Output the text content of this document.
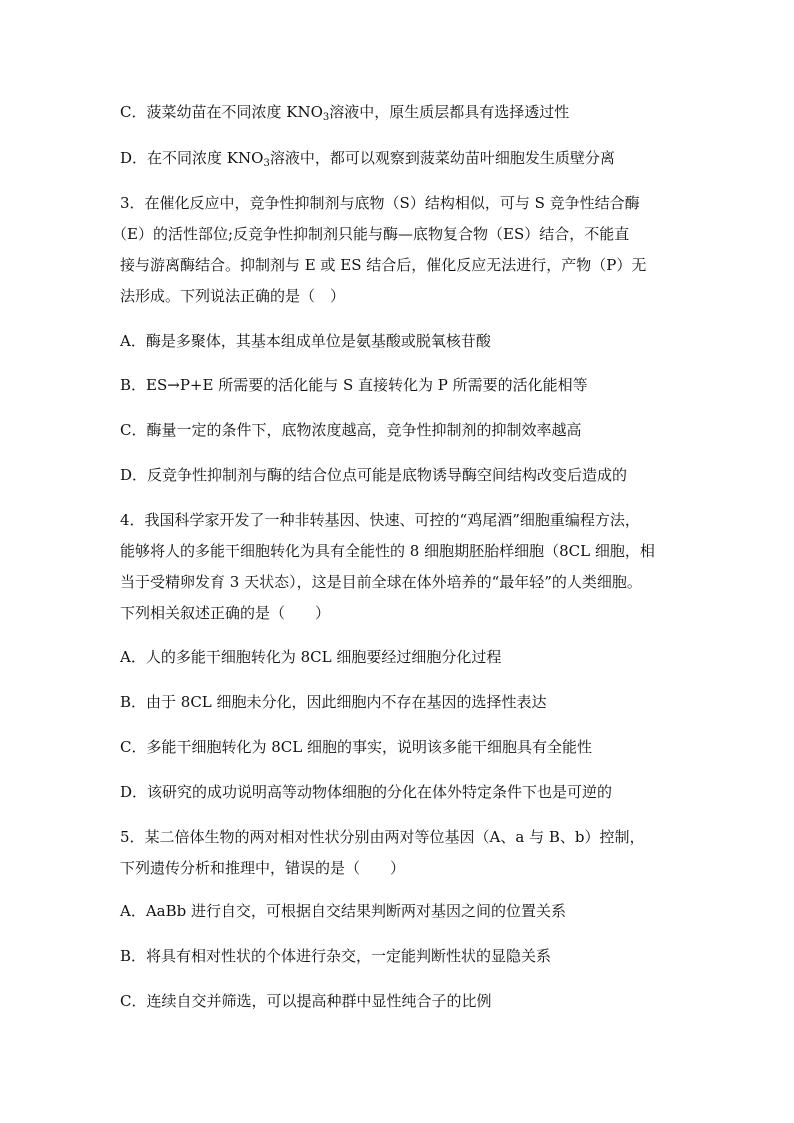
C．菠菜幼苗在不同浓度 $KNO_3$溶液中，原生质层都具有选择透过性
D．在不同浓度 $KNO_3$溶液中，都可以观察到菠菜幼苗叶细胞发生质壁分离
3．在催化反应中，竞争性抑制剂与底物（S）结构相似，可与 S 竞争性结合酶
（E）的活性部位;反竞争性抑制剂只能与酶—底物复合物（ES）结合，不能直
接与游离酶结合。抑制剂与 E 或 ES 结合后，催化反应无法进行，产物（P）无
法形成。下列说法正确的是（　）
A．酶是多聚体，其基本组成单位是氨基酸或脱氧核苷酸
B．ES→P+E 所需要的活化能与 S 直接转化为 P 所需要的活化能相等
C．酶量一定的条件下，底物浓度越高，竞争性抑制剂的抑制效率越高
D．反竞争性抑制剂与酶的结合位点可能是底物诱导酶空间结构改变后造成的
4．我国科学家开发了一种非转基因、快速、可控的“鸡尾酒”细胞重编程方法，
能够将人的多能干细胞转化为具有全能性的 8 细胞期胚胎样细胞（8CL 细胞，相
当于受精卵发育 3 天状态），这是目前全球在体外培养的“最年轻”的人类细胞。
下列相关叙述正确的是（　　）
A．人的多能干细胞转化为 8CL 细胞要经过细胞分化过程
B．由于 8CL 细胞未分化，因此细胞内不存在基因的选择性表达
C．多能干细胞转化为 8CL 细胞的事实，说明该多能干细胞具有全能性
D．该研究的成功说明高等动物体细胞的分化在体外特定条件下也是可逆的
5．某二倍体生物的两对相对性状分别由两对等位基因（A、a 与 B、b）控制，
下列遗传分析和推理中，错误的是（　　）
A．AaBb 进行自交，可根据自交结果判断两对基因之间的位置关系
B．将具有相对性状的个体进行杂交，一定能判断性状的显隐关系
C．连续自交并筛选，可以提高种群中显性纯合子的比例
